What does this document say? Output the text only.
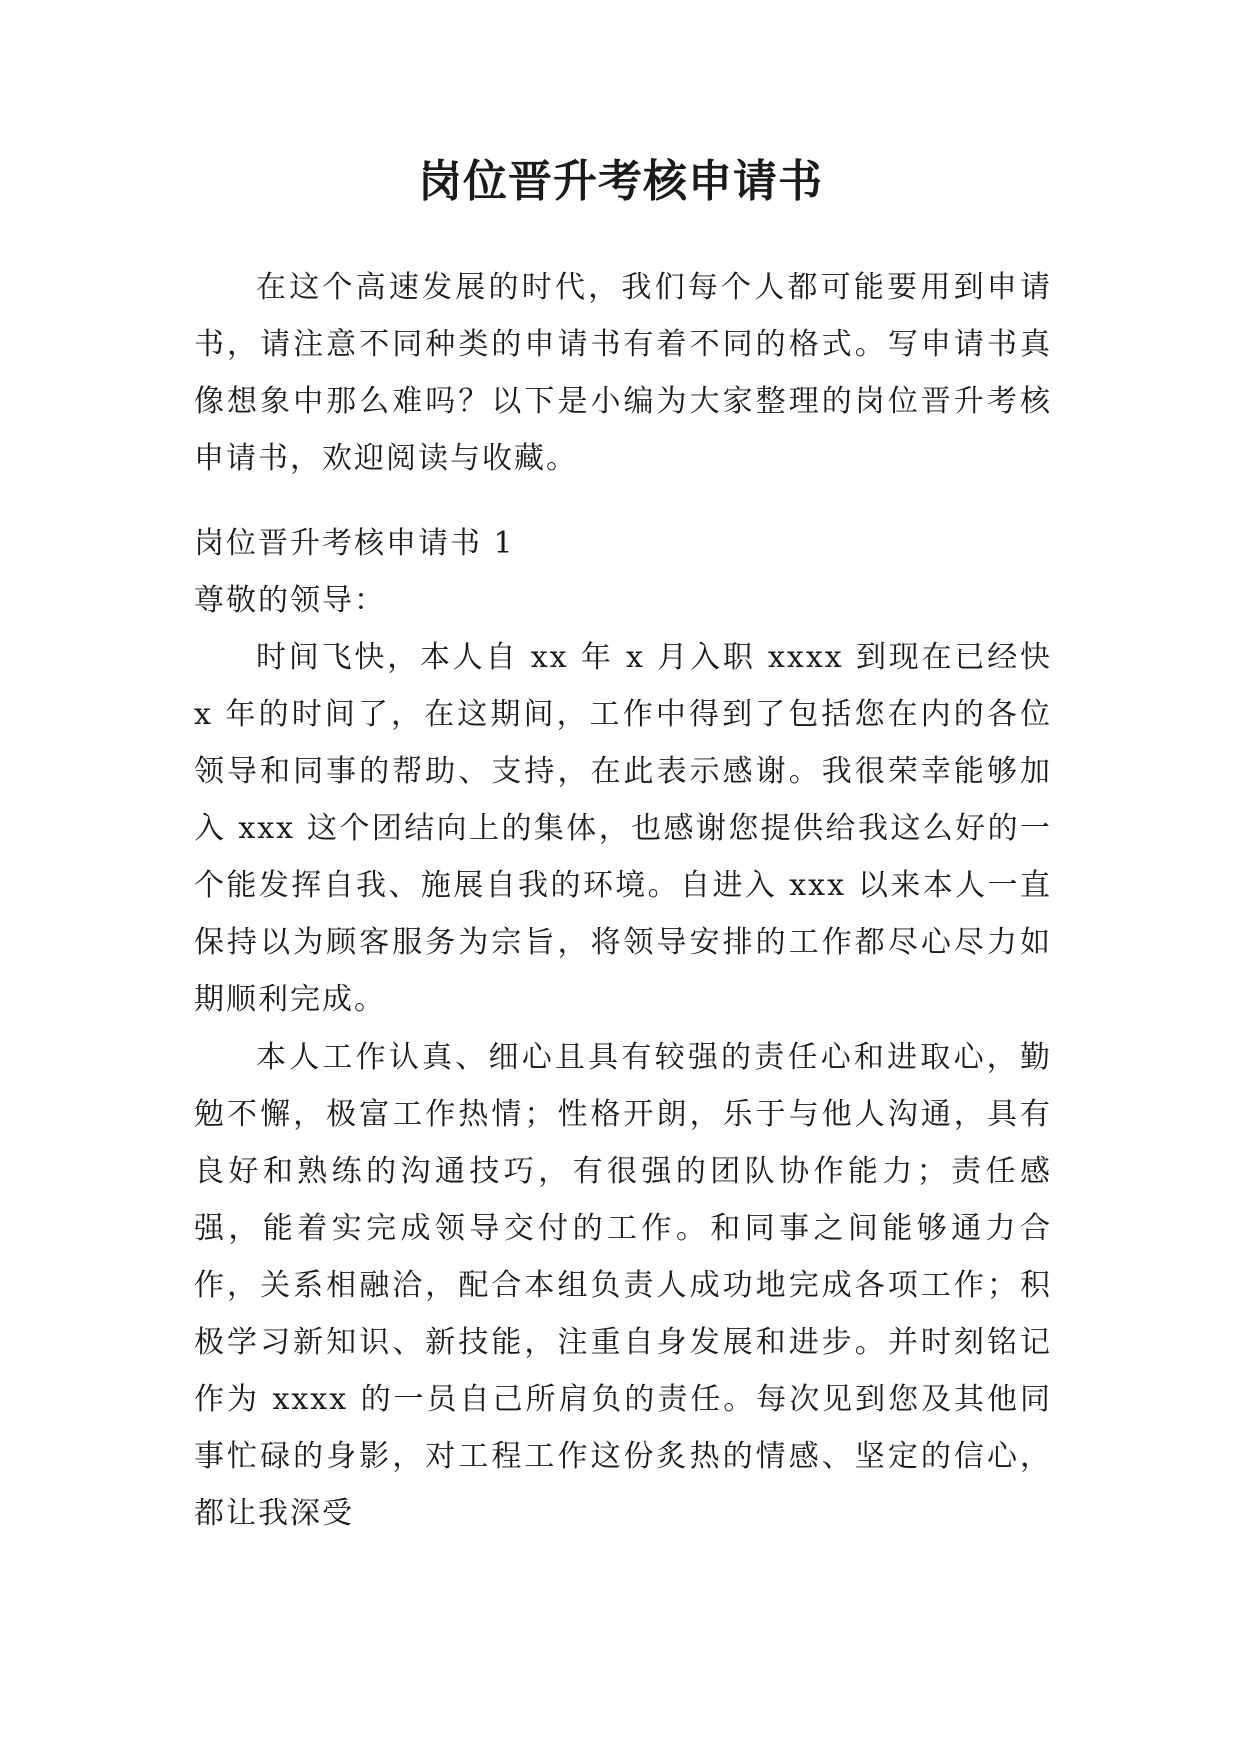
岗位晋升考核申请书

在这个高速发展的时代，我们每个人都可能要用到申请书，请注意不同种类的申请书有着不同的格式。写申请书真像想象中那么难吗？以下是小编为大家整理的岗位晋升考核申请书，欢迎阅读与收藏。

岗位晋升考核申请书 1

尊敬的领导：

时间飞快，本人自 xx 年 x 月入职 xxxx 到现在已经快 x 年的时间了，在这期间，工作中得到了包括您在内的各位领导和同事的帮助、支持，在此表示感谢。我很荣幸能够加入 xxx 这个团结向上的集体，也感谢您提供给我这么好的一个能发挥自我、施展自我的环境。自进入 xxx 以来本人一直保持以为顾客服务为宗旨，将领导安排的工作都尽心尽力如期顺利完成。

本人工作认真、细心且具有较强的责任心和进取心，勤勉不懈，极富工作热情；性格开朗，乐于与他人沟通，具有良好和熟练的沟通技巧，有很强的团队协作能力；责任感强，能着实完成领导交付的工作。和同事之间能够通力合作，关系相融洽，配合本组负责人成功地完成各项工作；积极学习新知识、新技能，注重自身发展和进步。并时刻铭记作为 xxxx 的一员自己所肩负的责任。每次见到您及其他同事忙碌的身影，对工程工作这份炙热的情感、坚定的信心，都让我深受
